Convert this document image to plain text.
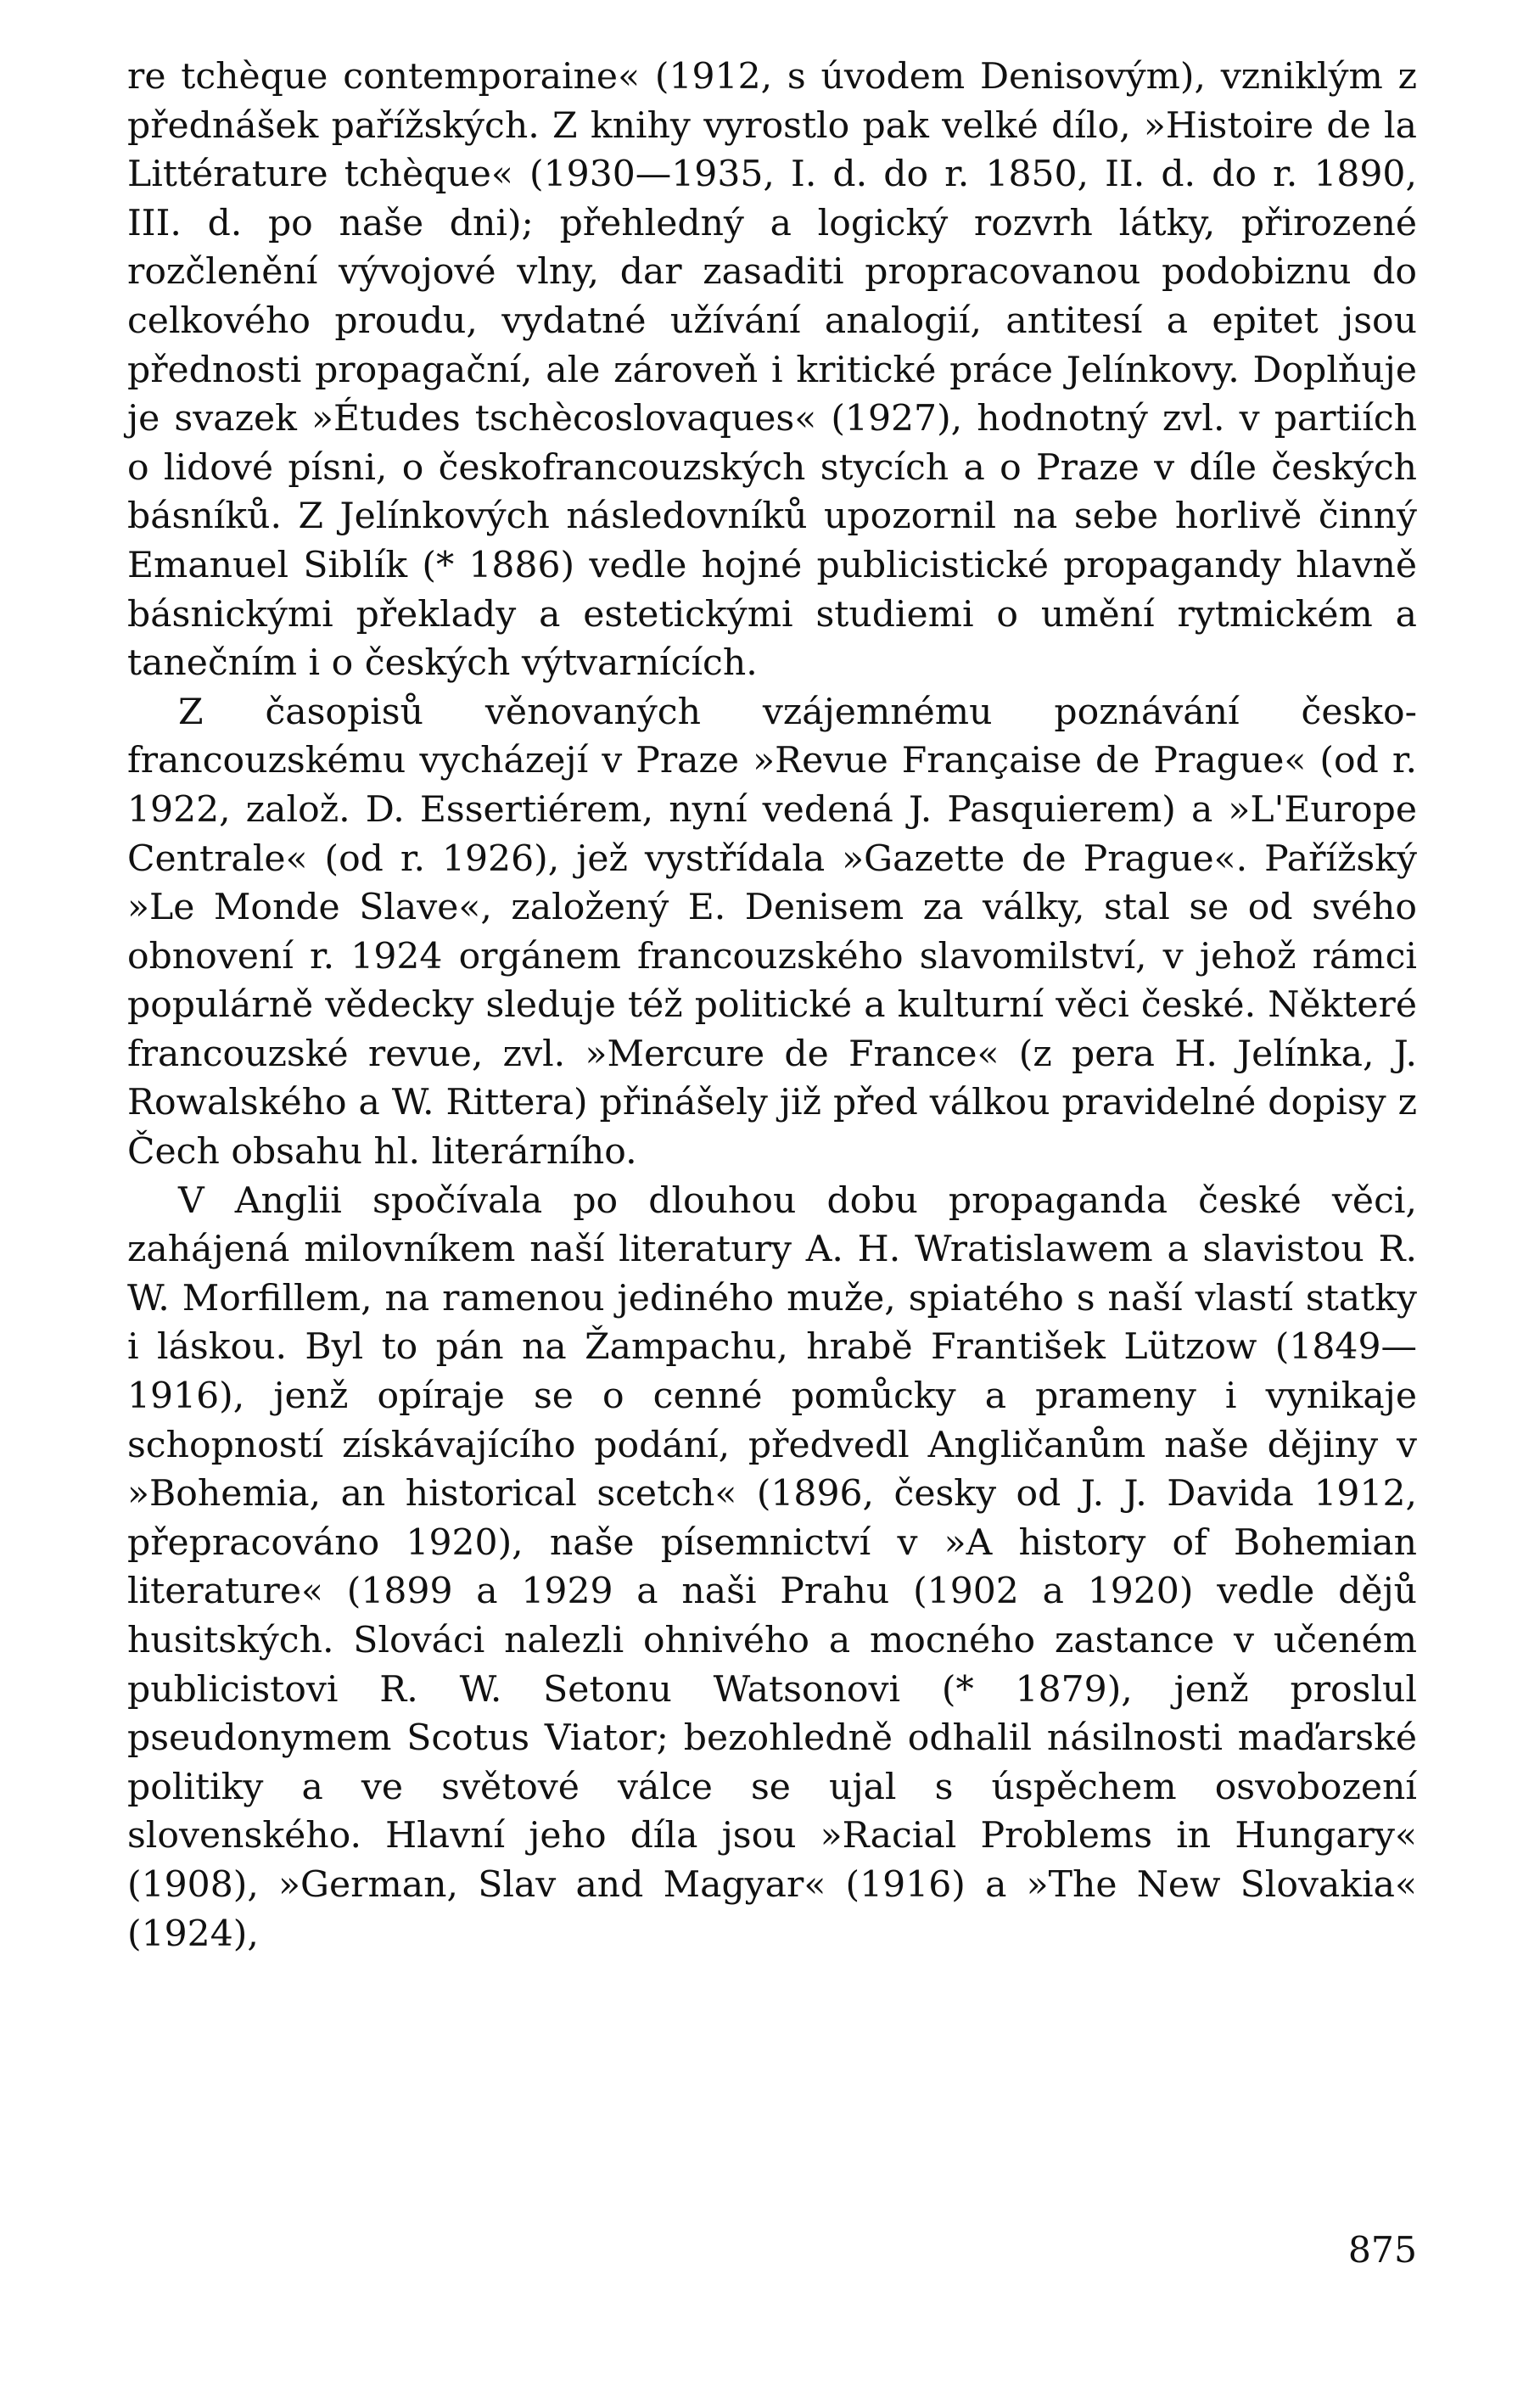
re tchèque contemporaine« (1912, s úvodem Denisovým), vzniklým z přednášek pařížských. Z knihy vyrostlo pak velké dílo, »Histoire de la Littérature tchèque« (1930—1935, I. d. do r. 1850, II. d. do r. 1890, III. d. po naše dni); přehledný a logický rozvrh látky, přirozené rozčlenění vývojové vlny, dar zasaditi propracovanou podobiznu do celkového proudu, vydatné užívání analogií, antitesí a epitet jsou přednosti propagační, ale zároveň i kritické práce Jelínkovy. Doplňuje je svazek »Études tschècoslovaques« (1927), hodnotný zvl. v partiích o lidové písni, o českofrancouzských stycích a o Praze v díle českých básníků. Z Jelínkových následovníků upozornil na sebe horlivě činný Emanuel Siblík (* 1886) vedle hojné publicistické propagandy hlavně básnickými překlady a estetickými studiemi o umění rytmickém a tanečním i o českých výtvarnících.

Z časopisů věnovaných vzájemnému poznávání česko-francouzskému vycházejí v Praze »Revue Française de Prague« (od r. 1922, založ. D. Essertiérem, nyní vedená J. Pasquierem) a »L'Europe Centrale« (od r. 1926), jež vystřídala »Gazette de Prague«. Pařížský »Le Monde Slave«, založený E. Denisem za války, stal se od svého obnovení r. 1924 orgánem francouzského slavomilství, v jehož rámci populárně vědecky sleduje též politické a kulturní věci české. Některé francouzské revue, zvl. »Mercure de France« (z pera H. Jelínka, J. Rowalského a W. Rittera) přinášely již před válkou pravidelné dopisy z Čech obsahu hl. literárního.

V Anglii spočívala po dlouhou dobu propaganda české věci, zahájená milovníkem naší literatury A. H. Wratislawem a slavistou R. W. Morfillem, na ramenou jediného muže, spiatého s naší vlastí statky i láskou. Byl to pán na Žampachu, hrabě František Lützow (1849—1916), jenž opíraje se o cenné pomůcky a prameny i vynikaje schopností získávajícího podání, předvedl Angličanům naše dějiny v »Bohemia, an historical scetch« (1896, česky od J. J. Davida 1912, přepracováno 1920), naše písemnictví v »A history of Bohemian literature« (1899 a 1929 a naši Prahu (1902 a 1920) vedle dějů husitských. Slováci nalezli ohnivého a mocného zastance v učeném publicistovi R. W. Setonu Watsonovi (* 1879), jenž proslul pseudonymem Scotus Viator; bezohledně odhalil násilnosti maďarské politiky a ve světové válce se ujal s úspěchem osvobození slovenského. Hlavní jeho díla jsou »Racial Problems in Hungary« (1908), »German, Slav and Magyar« (1916) a »The New Slovakia« (1924),

875
